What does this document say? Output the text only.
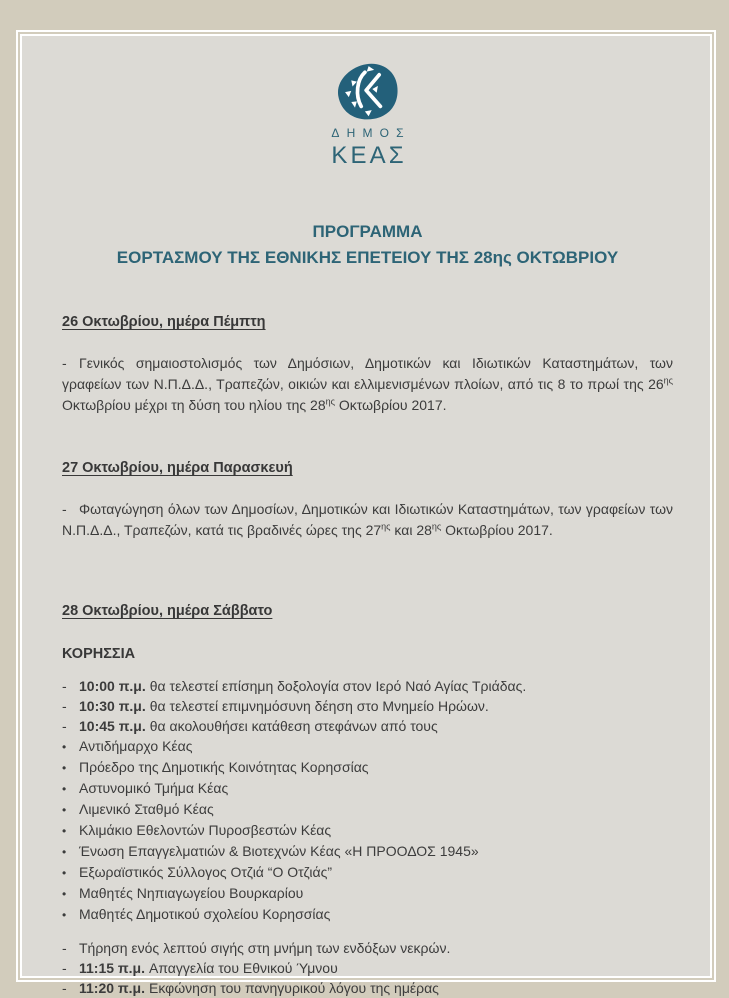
ΔΗΜΟΣ
ΚΕΑΣ
ΠΡΟΓΡΑΜΜΑ
ΕΟΡΤΑΣΜΟΥ ΤΗΣ ΕΘΝΙΚΗΣ ΕΠΕΤΕΙΟΥ ΤΗΣ 28ης ΟΚΤΩΒΡΙΟΥ
26 Οκτωβρίου, ημέρα Πέμπτη

- Γενικός σημαιοστολισμός των Δημόσιων, Δημοτικών και Ιδιωτικών Καταστημάτων, των γραφείων των Ν.Π.Δ.Δ., Τραπεζών, οικιών και ελλιμενισμένων πλοίων, από τις 8 το πρωί της $26^{\eta\varsigma}$ Οκτωβρίου μέχρι τη δύση του ηλίου της $28^{\eta\varsigma}$ Οκτωβρίου 2017.

27 Οκτωβρίου, ημέρα Παρασκευή

- Φωταγώγηση όλων των Δημοσίων, Δημοτικών και Ιδιωτικών Καταστημάτων, των γραφείων των Ν.Π.Δ.Δ., Τραπεζών, κατά τις βραδινές ώρες της $27^{\eta\varsigma}$ και $28^{\eta\varsigma}$ Οκτωβρίου 2017.

28 Οκτωβρίου, ημέρα Σάββατο
ΚΟΡΗΣΣΙΑ
- 10:00 π.μ. θα τελεστεί επίσημη δοξολογία στον Ιερό Ναό Αγίας Τριάδας.
- 10:30 π.μ. θα τελεστεί επιμνημόσυνη δέηση στο Μνημείο Ηρώων.
- 10:45 π.μ. θα ακολουθήσει κατάθεση στεφάνων από τους
• Αντιδήμαρχο Κέας
• Πρόεδρο της Δημοτικής Κοινότητας Κορησσίας
• Αστυνομικό Τμήμα Κέας
• Λιμενικό Σταθμό Κέας
• Κλιμάκιο Εθελοντών Πυροσβεστών Κέας
• Ένωση Επαγγελματιών & Βιοτεχνών Κέας «Η ΠΡΟΟΔΟΣ 1945»
• Εξωραϊστικός Σύλλογος Οτζιά “Ο Οτζιάς”
• Μαθητές Νηπιαγωγείου Βουρκαρίου
• Μαθητές Δημοτικού σχολείου Κορησσίας
- Τήρηση ενός λεπτού σιγής στη μνήμη των ενδόξων νεκρών.
- 11:15 π.μ. Απαγγελία του Εθνικού Ύμνου
- 11:20 π.μ. Εκφώνηση του πανηγυρικού λόγου της ημέρας
